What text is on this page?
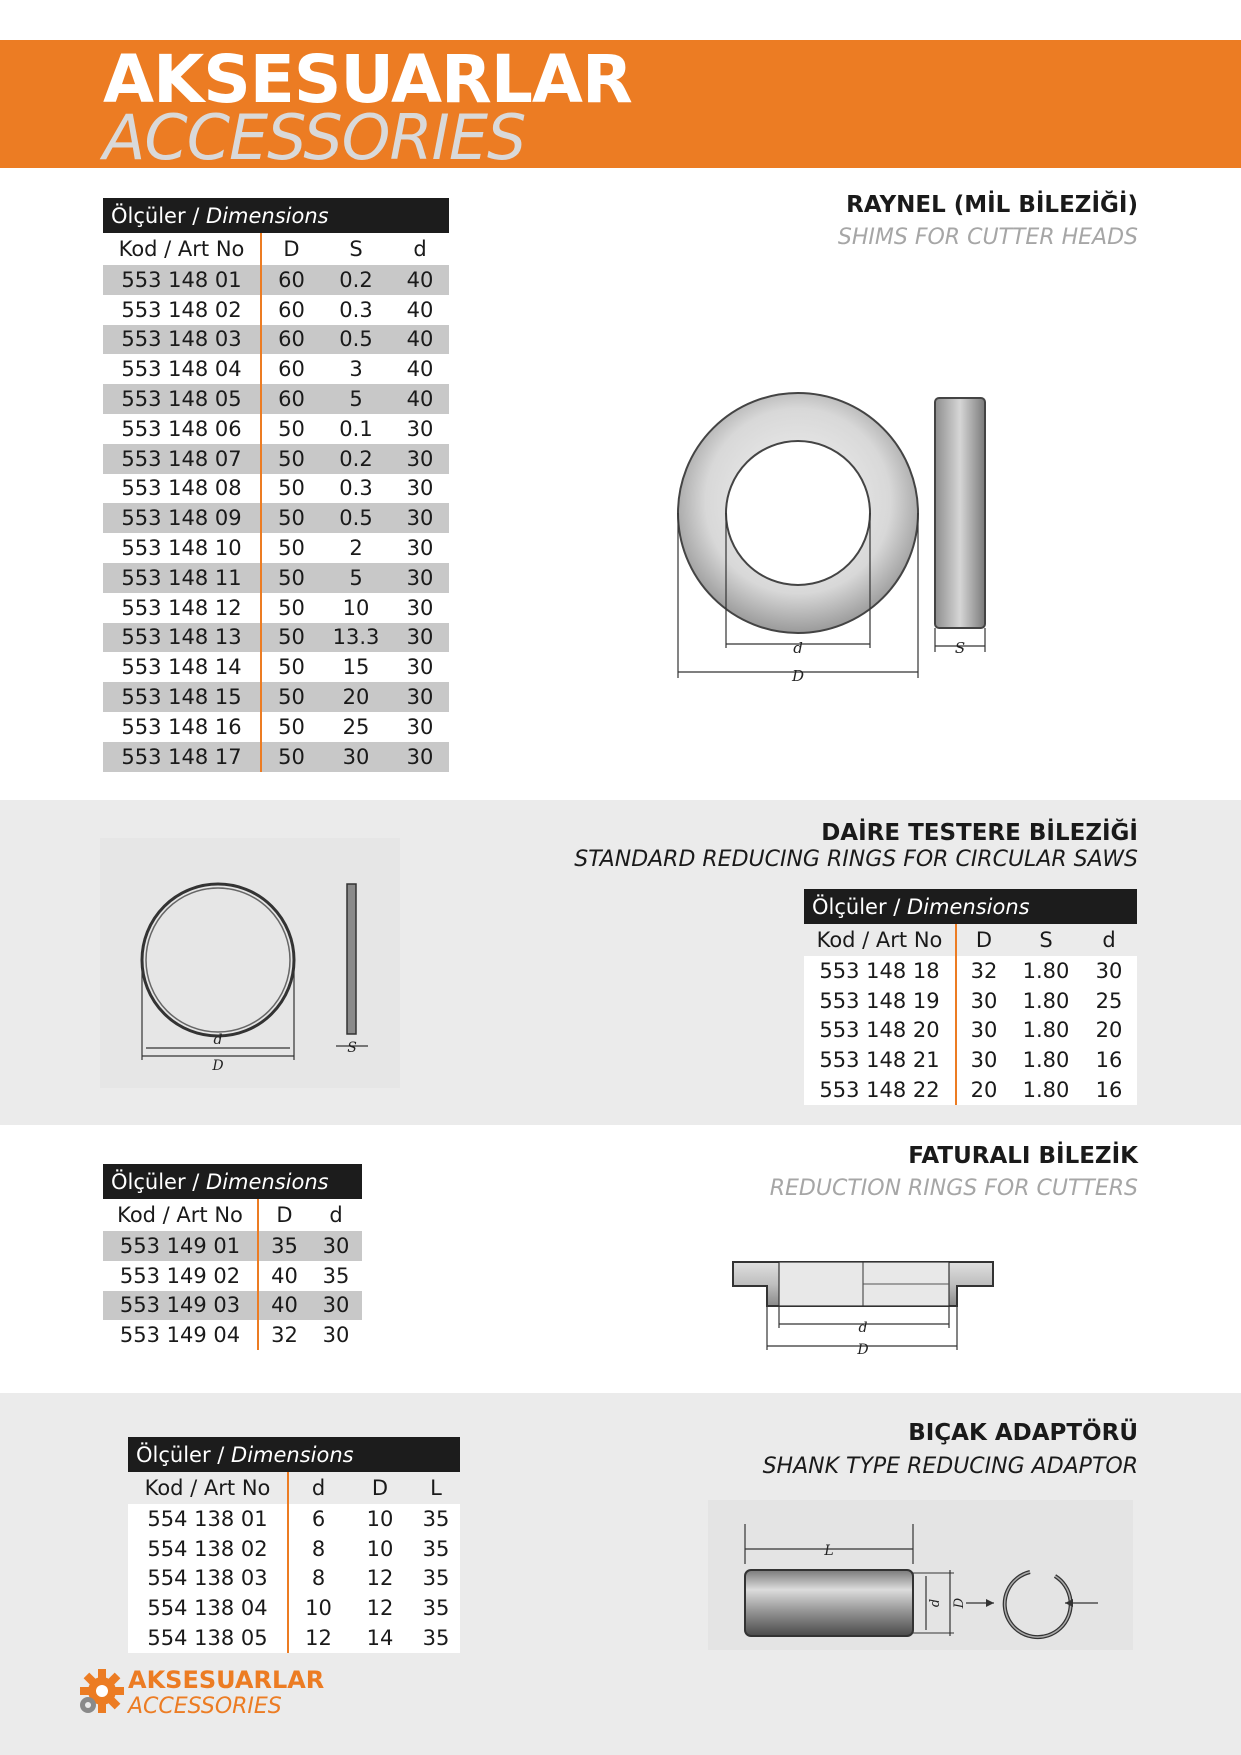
AKSESUARLAR
ACCESSORIES
RAYNEL (MİL BİLEZİĞİ)
SHIMS FOR CUTTER HEADS
Ölçüler / Dimensions			
Kod / Art No	D	S	d
553 148 01	60	0.2	40
553 148 02	60	0.3	40
553 148 03	60	0.5	40
553 148 04	60	3	40
553 148 05	60	5	40
553 148 06	50	0.1	30
553 148 07	50	0.2	30
553 148 08	50	0.3	30
553 148 09	50	0.5	30
553 148 10	50	2	30
553 148 11	50	5	30
553 148 12	50	10	30
553 148 13	50	13.3	30
553 148 14	50	15	30
553 148 15	50	20	30
553 148 16	50	25	30
553 148 17	50	30	30
d
D
S
DAİRE TESTERE BİLEZİĞİ
STANDARD REDUCING RINGS FOR CIRCULAR SAWS
d
D
S
Ölçüler / Dimensions			
Kod / Art No	D	S	d
553 148 18	32	1.80	30
553 148 19	30	1.80	25
553 148 20	30	1.80	20
553 148 21	30	1.80	16
553 148 22	20	1.80	16
FATURALI BİLEZİK
REDUCTION RINGS FOR CUTTERS
Ölçüler / Dimensions		
Kod / Art No	D	d
553 149 01	35	30
553 149 02	40	35
553 149 03	40	30
553 149 04	32	30	d
D
BIÇAK ADAPTÖRÜ
SHANK TYPE REDUCING ADAPTOR
Ölçüler / Dimensions			
Kod / Art No	d	D	L
554 138 01	6	10	35
554 138 02	8	10	35
554 138 03	8	12	35
554 138 04	10	12	35
554 138 05	12	14	35
L
d D
AKSESUARLAR
ACCESSORIES
